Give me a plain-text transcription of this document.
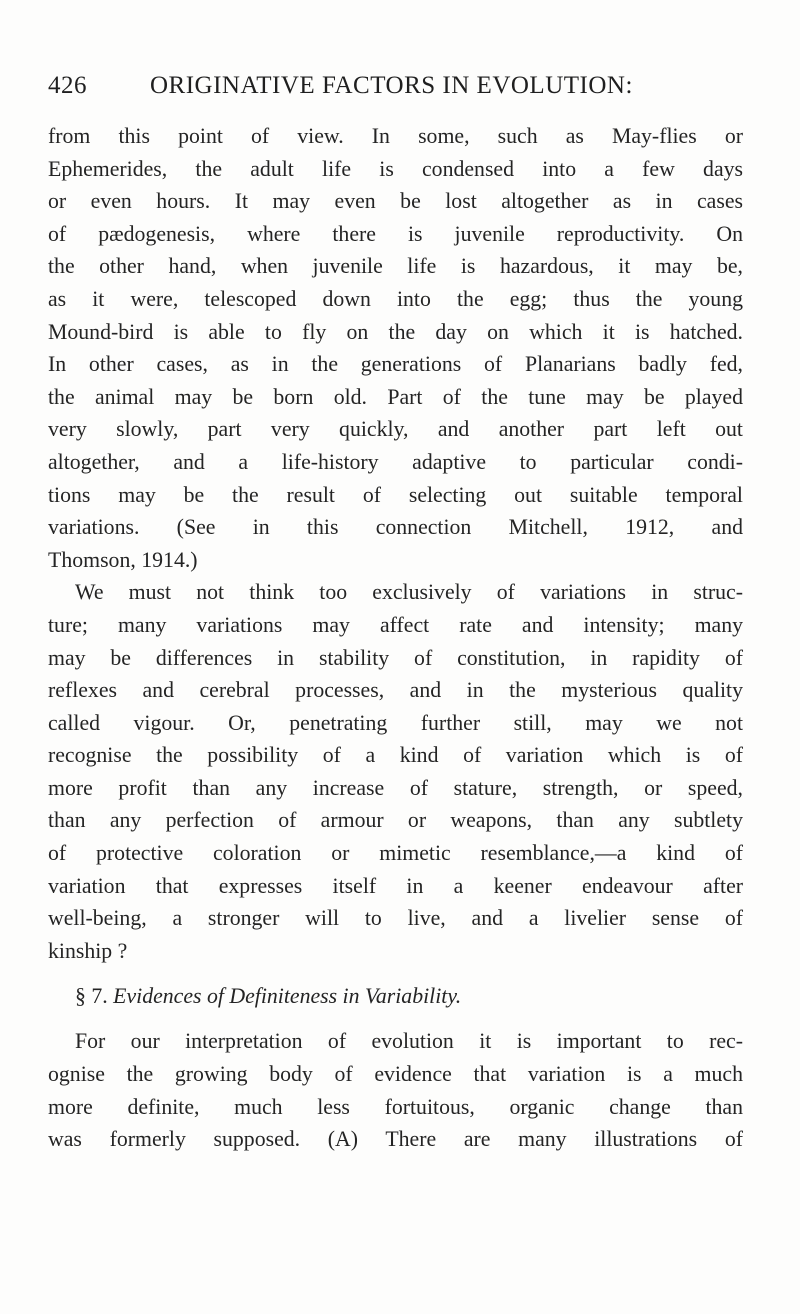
426	ORIGINATIVE FACTORS IN EVOLUTION:
from this point of view. In some, such as May-flies or
Ephemerides, the adult life is condensed into a few days
or even hours. It may even be lost altogether as in cases
of pædogenesis, where there is juvenile reproductivity. On
the other hand, when juvenile life is hazardous, it may be,
as it were, telescoped down into the egg; thus the young
Mound-bird is able to fly on the day on which it is hatched.
In other cases, as in the generations of Planarians badly fed,
the animal may be born old. Part of the tune may be played
very slowly, part very quickly, and another part left out
altogether, and a life-history adaptive to particular condi-
tions may be the result of selecting out suitable temporal
variations. (See in this connection Mitchell, 1912, and
Thomson, 1914.)
We must not think too exclusively of variations in struc-
ture; many variations may affect rate and intensity; many
may be differences in stability of constitution, in rapidity of
reflexes and cerebral processes, and in the mysterious quality
called vigour. Or, penetrating further still, may we not
recognise the possibility of a kind of variation which is of
more profit than any increase of stature, strength, or speed,
than any perfection of armour or weapons, than any subtlety
of protective coloration or mimetic resemblance,—a kind of
variation that expresses itself in a keener endeavour after
well-being, a stronger will to live, and a livelier sense of
kinship ?
§ 7. Evidences of Definiteness in Variability.
For our interpretation of evolution it is important to rec-
ognise the growing body of evidence that variation is a much
more definite, much less fortuitous, organic change than
was formerly supposed. (A) There are many illustrations of
